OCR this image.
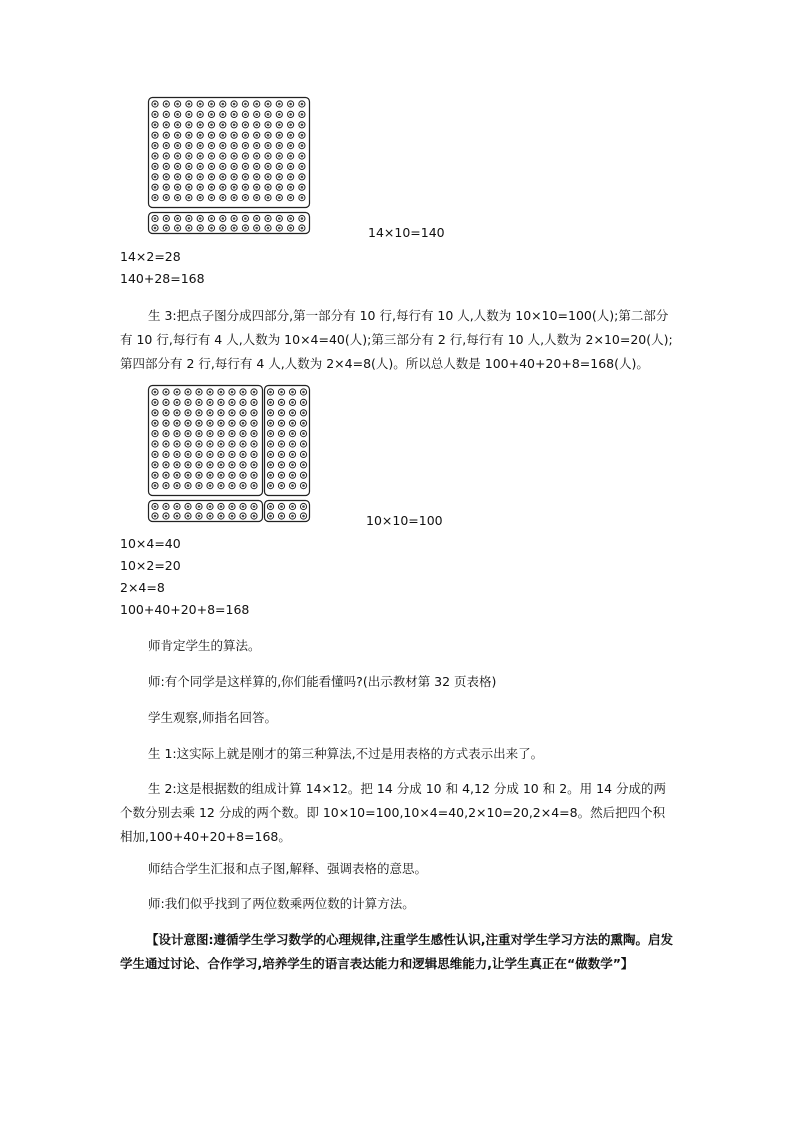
14×10=140
14×2=28
140+28=168

生 3:把点子图分成四部分,第一部分有 10 行,每行有 10 人,人数为 10×10=100(人);第二部分有 10 行,每行有 4 人,人数为 10×4=40(人);第三部分有 2 行,每行有 10 人,人数为 2×10=20(人);第四部分有 2 行,每行有 4 人,人数为 2×4=8(人)。所以总人数是 100+40+20+8=168(人)。

10×10=100
10×4=40
10×2=20
2×4=8
100+40+20+8=168

师肯定学生的算法。

师:有个同学是这样算的,你们能看懂吗?(出示教材第 32 页表格)

学生观察,师指名回答。

生 1:这实际上就是刚才的第三种算法,不过是用表格的方式表示出来了。

生 2:这是根据数的组成计算 14×12。把 14 分成 10 和 4,12 分成 10 和 2。用 14 分成的两个数分别去乘 12 分成的两个数。即 10×10=100,10×4=40,2×10=20,2×4=8。然后把四个积相加,100+40+20+8=168。

师结合学生汇报和点子图,解释、强调表格的意思。

师:我们似乎找到了两位数乘两位数的计算方法。

【设计意图:遵循学生学习数学的心理规律,注重学生感性认识,注重对学生学习方法的熏陶。启发学生通过讨论、合作学习,培养学生的语言表达能力和逻辑思维能力,让学生真正在“做数学”】
